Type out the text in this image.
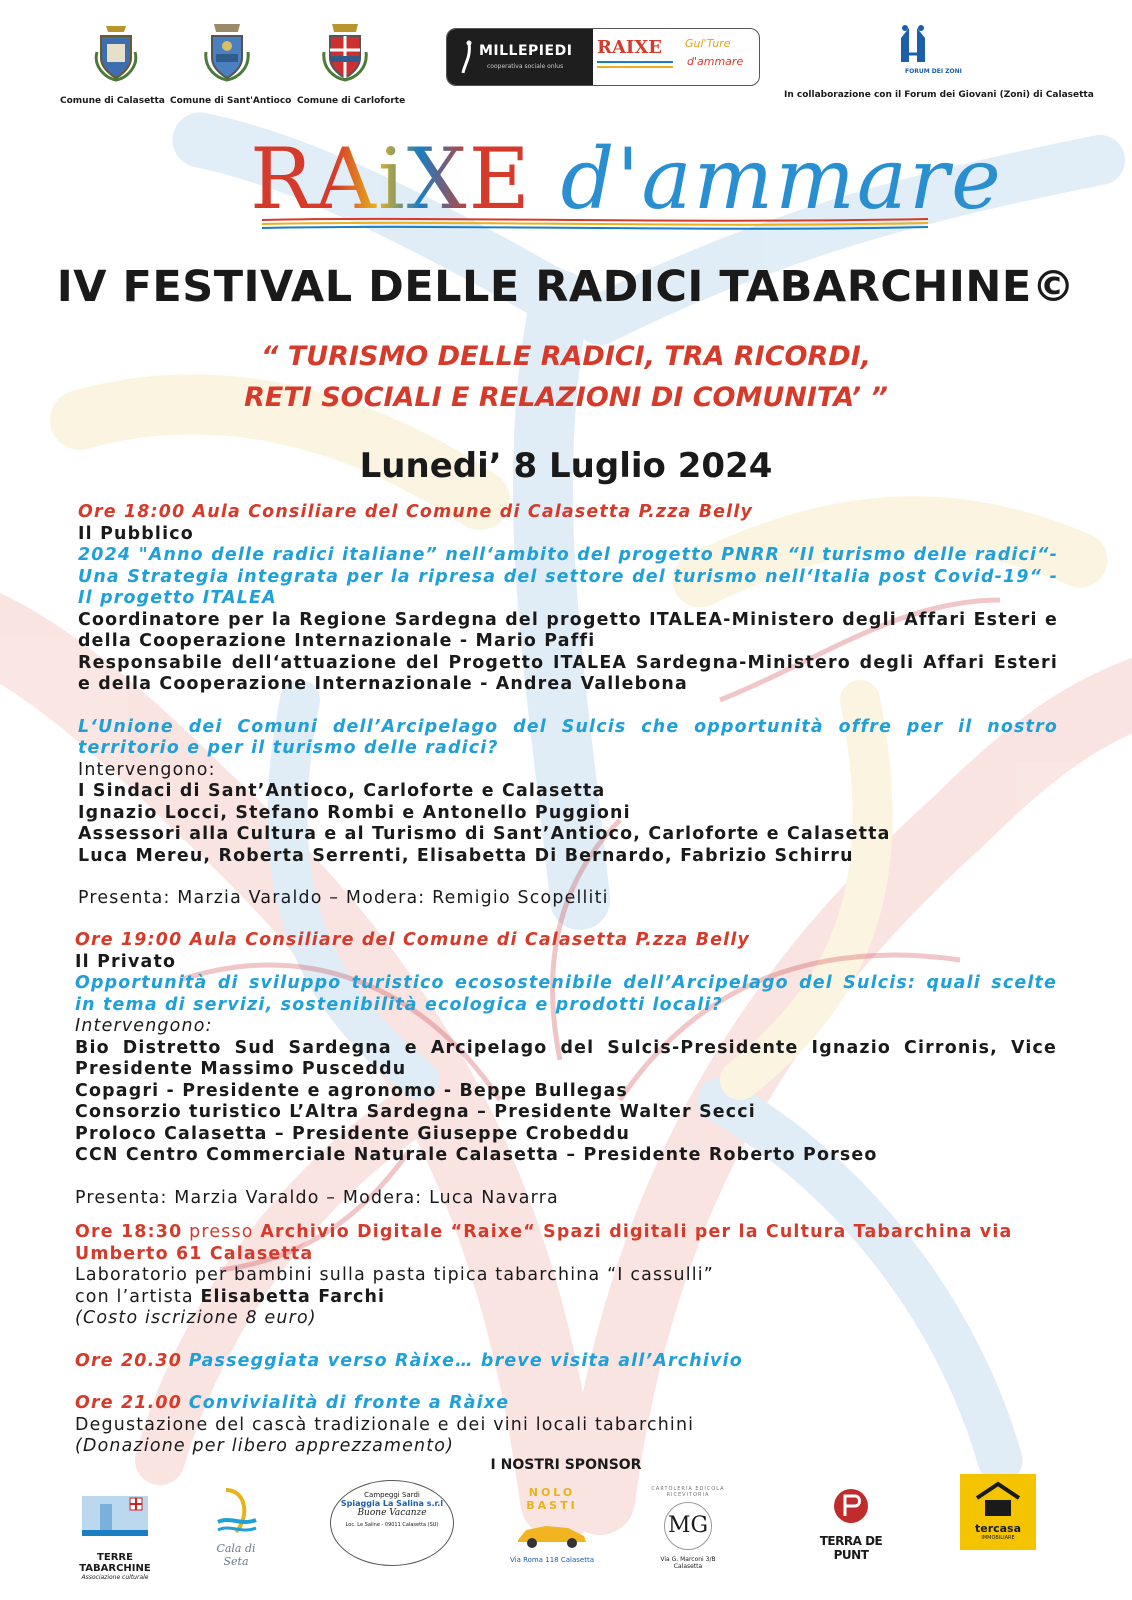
Comune di Calasetta Comune di Sant'Antioco Comune di Carloforte
MILLEPIEDI
cooperativa sociale onlus
RAIXE Gul'Ture
d'ammare
FORUM DEI ZONI
In collaborazione con il Forum dei Giovani (Zoni) di Calasetta
RAiXE d'ammare
IV FESTIVAL DELLE RADICI TABARCHINE©
“ TURISMO DELLE RADICI, TRA RICORDI,
RETI SOCIALI E RELAZIONI DI COMUNITA’ ”
Lunedi’ 8 Luglio 2024

Ore 18:00 Aula Consiliare del Comune di Calasetta P.zza Belly

Il Pubblico

2024 "Anno delle radici italiane” nell‘ambito del progetto PNRR “Il turismo delle radici“- Una Strategia integrata per la ripresa del settore del turismo nell‘Italia post Covid-19“ - Il progetto ITALEA

Coordinatore per la Regione Sardegna del progetto ITALEA-Ministero degli Affari Esteri e della Cooperazione Internazionale - Mario Paffi

Responsabile dell‘attuazione del Progetto ITALEA Sardegna-Ministero degli Affari Esteri e della Cooperazione Internazionale - Andrea Vallebona

L‘Unione dei Comuni dell’Arcipelago del Sulcis che opportunità offre per il nostro territorio e per il turismo delle radici?

Intervengono:

I Sindaci di Sant’Antioco, Carloforte e Calasetta

Ignazio Locci, Stefano Rombi e Antonello Puggioni

Assessori alla Cultura e al Turismo di Sant’Antioco, Carloforte e Calasetta

Luca Mereu, Roberta Serrenti, Elisabetta Di Bernardo, Fabrizio Schirru

Presenta: Marzia Varaldo – Modera: Remigio Scopelliti

Ore 19:00 Aula Consiliare del Comune di Calasetta P.zza Belly

Il Privato

Opportunità di sviluppo turistico ecosostenibile dell’Arcipelago del Sulcis: quali scelte in tema di servizi, sostenibilità ecologica e prodotti locali?

Intervengono:

Bio Distretto Sud Sardegna e Arcipelago del Sulcis-Presidente Ignazio Cirronis, Vice Presidente Massimo Pusceddu

Copagri - Presidente e agronomo - Beppe Bullegas

Consorzio turistico L’Altra Sardegna – Presidente Walter Secci

Proloco Calasetta – Presidente Giuseppe Crobeddu

CCN Centro Commerciale Naturale Calasetta – Presidente Roberto Porseo

Presenta: Marzia Varaldo – Modera: Luca Navarra

Ore 18:30 presso Archivio Digitale “Raixe“ Spazi digitali per la Cultura Tabarchina via Umberto 61 Calasetta

Laboratorio per bambini sulla pasta tipica tabarchina “I cassulli”

con l’artista Elisabetta Farchi

(Costo iscrizione 8 euro)

Ore 20.30 Passeggiata verso Ràixe… breve visita all’Archivio

Ore 21.00 Convivialità di fronte a Ràixe

Degustazione del cascà tradizionale e dei vini locali tabarchini

(Donazione per libero apprezzamento)

I NOSTRI SPONSOR
TERRE TABARCHINE
Associazione culturale
Cala di Seta
Campeggi Sardi
Spiaggia La Salina s.r.l
Buone Vacanze
Loc. Le Saline - 09011 Calasetta (SU)
NOLO BASTI
Via Roma 118 Calasetta
CARTOLERIA EDICOLA RICEVITORIA
MG
Via G. Marconi 3/B Calasetta
TERRA DE PUNT
tercasa
IMMOBILIARE
